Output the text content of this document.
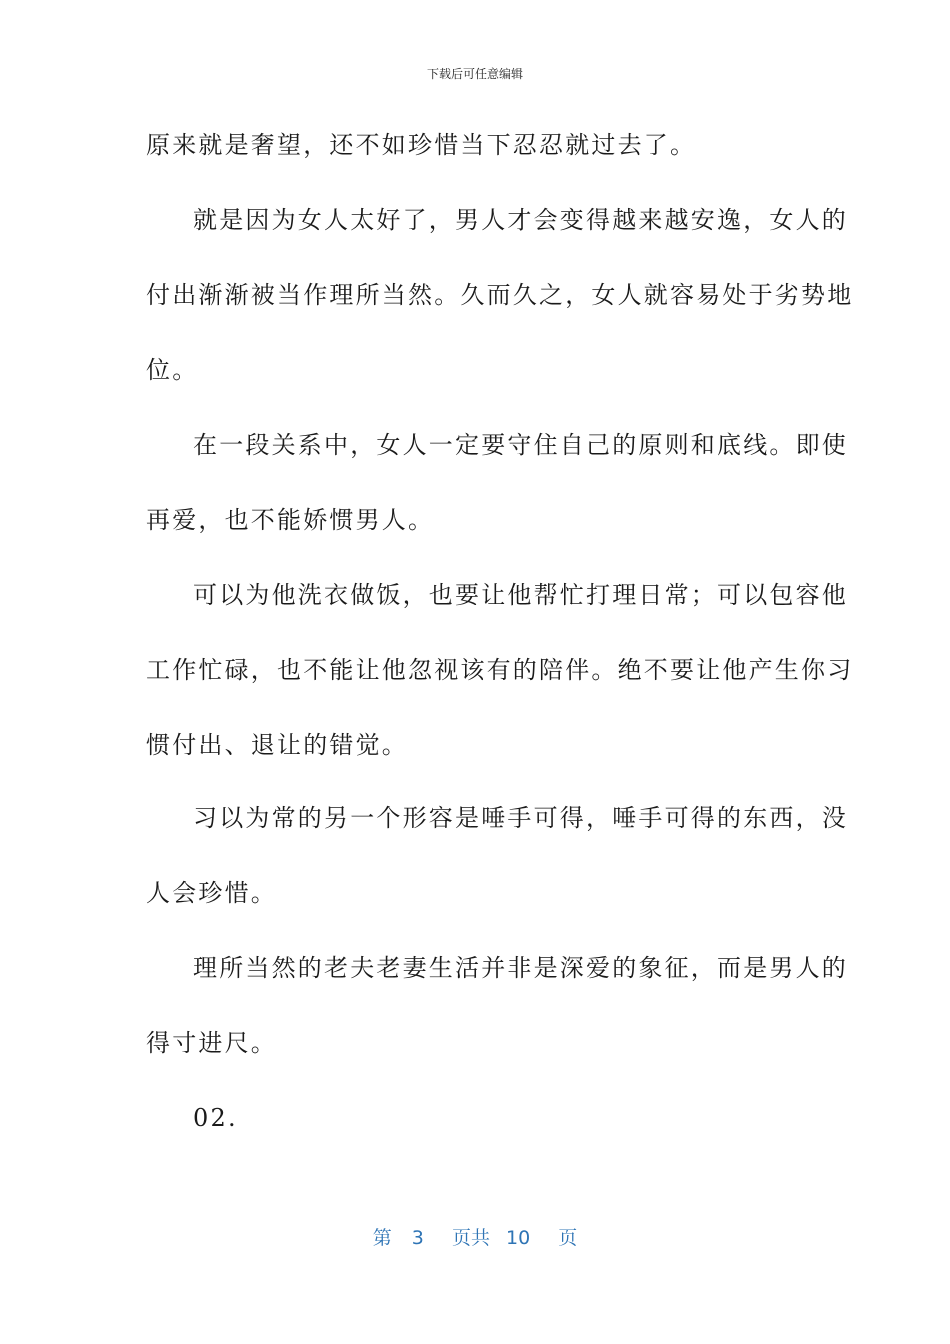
下载后可任意编辑
原来就是奢望，还不如珍惜当下忍忍就过去了。
就是因为女人太好了，男人才会变得越来越安逸，女人的
付出渐渐被当作理所当然。久而久之，女人就容易处于劣势地
位。
在一段关系中，女人一定要守住自己的原则和底线。即使
再爱，也不能娇惯男人。
可以为他洗衣做饭，也要让他帮忙打理日常；可以包容他
工作忙碌，也不能让他忽视该有的陪伴。绝不要让他产生你习
惯付出、退让的错觉。
习以为常的另一个形容是唾手可得，唾手可得的东西，没
人会珍惜。
理所当然的老夫老妻生活并非是深爱的象征，而是男人的
得寸进尺。
02.
第 3 页共 10 页
